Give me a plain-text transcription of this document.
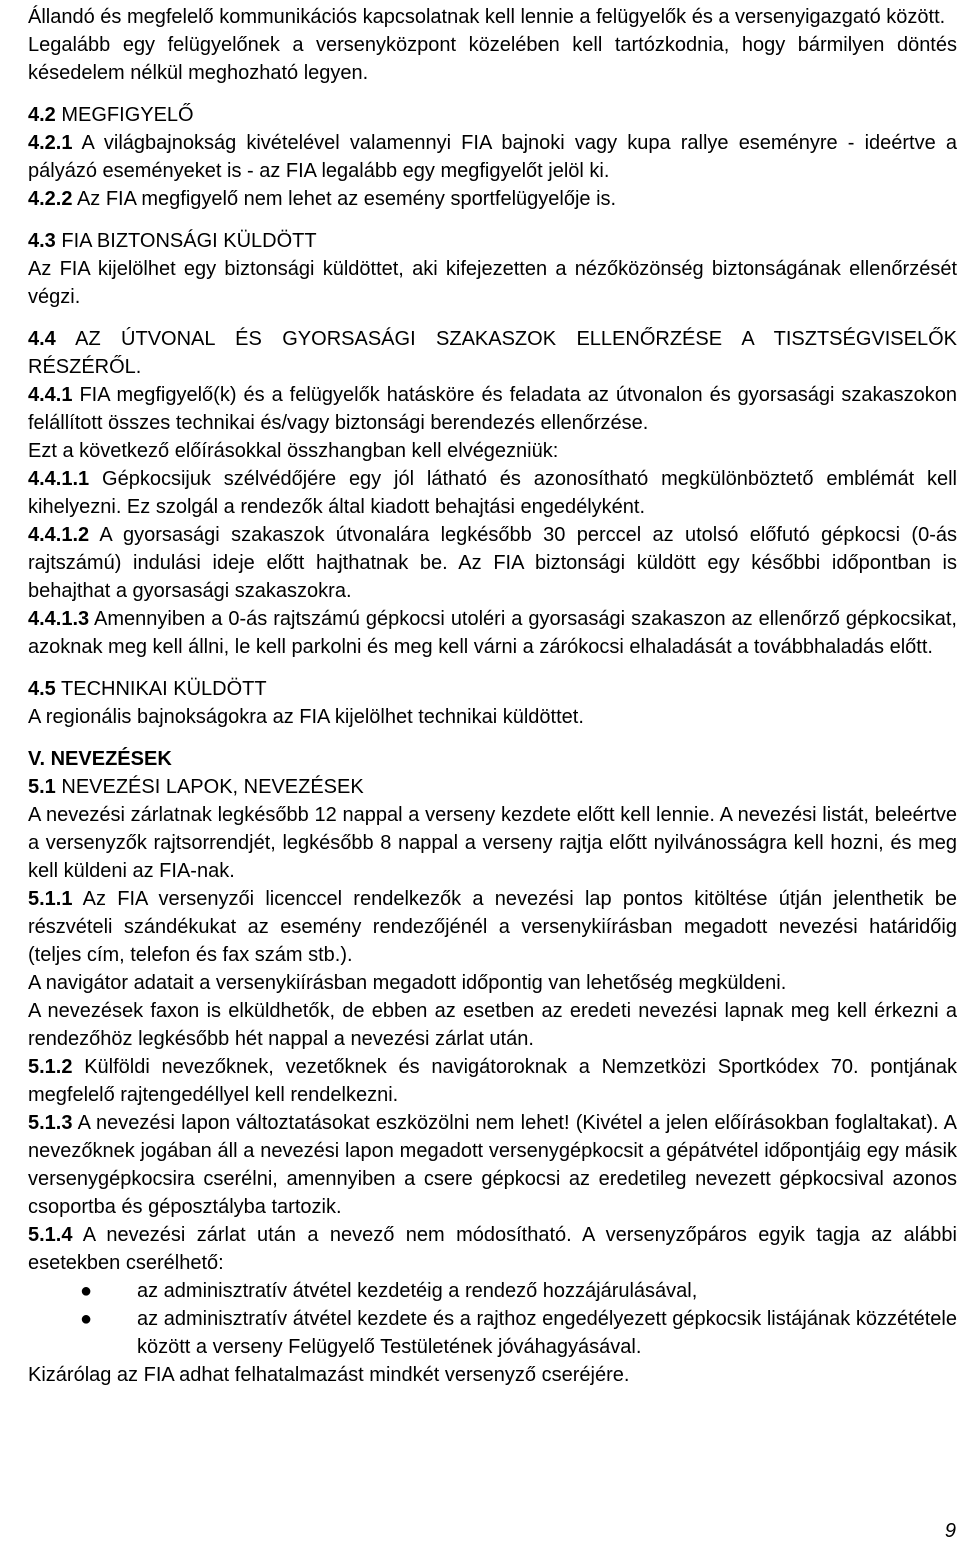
Állandó és megfelelő kommunikációs kapcsolatnak kell lennie a felügyelők és a versenyigazgató között.
Legalább egy felügyelőnek a versenyközpont közelében kell tartózkodnia, hogy bármilyen döntés késedelem nélkül meghozható legyen.
4.2 MEGFIGYELŐ
4.2.1 A világbajnokság kivételével valamennyi FIA bajnoki vagy kupa rallye eseményre - ideértve a pályázó eseményeket is - az FIA legalább egy megfigyelőt jelöl ki.
4.2.2 Az FIA megfigyelő nem lehet az esemény sportfelügyelője is.
4.3 FIA BIZTONSÁGI KÜLDÖTT
Az FIA kijelölhet egy biztonsági küldöttet, aki kifejezetten a nézőközönség biztonságának ellenőrzését végzi.
4.4 AZ ÚTVONAL ÉS GYORSASÁGI SZAKASZOK ELLENŐRZÉSE A TISZTSÉGVISELŐK RÉSZÉRŐL.
4.4.1 FIA megfigyelő(k) és a felügyelők hatásköre és feladata az útvonalon és gyorsasági szakaszokon felállított összes technikai és/vagy biztonsági berendezés ellenőrzése.
Ezt a következő előírásokkal összhangban kell elvégezniük:
4.4.1.1 Gépkocsijuk szélvédőjére egy jól látható és azonosítható megkülönböztető emblémát kell kihelyezni. Ez szolgál a rendezők által kiadott behajtási engedélyként.
4.4.1.2 A gyorsasági szakaszok útvonalára legkésőbb 30 perccel az utolsó előfutó gépkocsi (0-ás rajtszámú) indulási ideje előtt hajthatnak be. Az FIA biztonsági küldött egy későbbi időpontban is behajthat a gyorsasági szakaszokra.
4.4.1.3 Amennyiben a 0-ás rajtszámú gépkocsi utoléri a gyorsasági szakaszon az ellenőrző gépkocsikat, azoknak meg kell állni, le kell parkolni és meg kell várni a zárókocsi elhaladását a továbbhaladás előtt.
4.5 TECHNIKAI KÜLDÖTT
A regionális bajnokságokra az FIA kijelölhet technikai küldöttet.
V. NEVEZÉSEK
5.1 NEVEZÉSI LAPOK, NEVEZÉSEK
A nevezési zárlatnak legkésőbb 12 nappal a verseny kezdete előtt kell lennie. A nevezési listát, beleértve a versenyzők rajtsorrendjét, legkésőbb 8 nappal a verseny rajtja előtt nyilvánosságra kell hozni, és meg kell küldeni az FIA-nak.
5.1.1 Az FIA versenyzői licenccel rendelkezők a nevezési lap pontos kitöltése útján jelenthetik be részvételi szándékukat az esemény rendezőjénél a versenykiírásban megadott nevezési határidőig (teljes cím, telefon és fax szám stb.).
A navigátor adatait a versenykiírásban megadott időpontig van lehetőség megküldeni.
A nevezések faxon is elküldhetők, de ebben az esetben az eredeti nevezési lapnak meg kell érkezni a rendezőhöz legkésőbb hét nappal a nevezési zárlat után.
5.1.2 Külföldi nevezőknek, vezetőknek és navigátoroknak a Nemzetközi Sportkódex 70. pontjának megfelelő rajtengedéllyel kell rendelkezni.
5.1.3 A nevezési lapon változtatásokat eszközölni nem lehet! (Kivétel a jelen előírásokban foglaltakat). A nevezőknek jogában áll a nevezési lapon megadott versenygépkocsit a gépátvétel időpontjáig egy másik versenygépkocsira cserélni, amennyiben a csere gépkocsi az eredetileg nevezett gépkocsival azonos csoportba és géposztályba tartozik.
5.1.4 A nevezési zárlat után a nevező nem módosítható. A versenyzőpáros egyik tagja az alábbi esetekben cserélhető:
● az adminisztratív átvétel kezdetéig a rendező hozzájárulásával,
● az adminisztratív átvétel kezdete és a rajthoz engedélyezett gépkocsik listájának közzététele között a verseny Felügyelő Testületének jóváhagyásával.
Kizárólag az FIA adhat felhatalmazást mindkét versenyző cseréjére.
9
